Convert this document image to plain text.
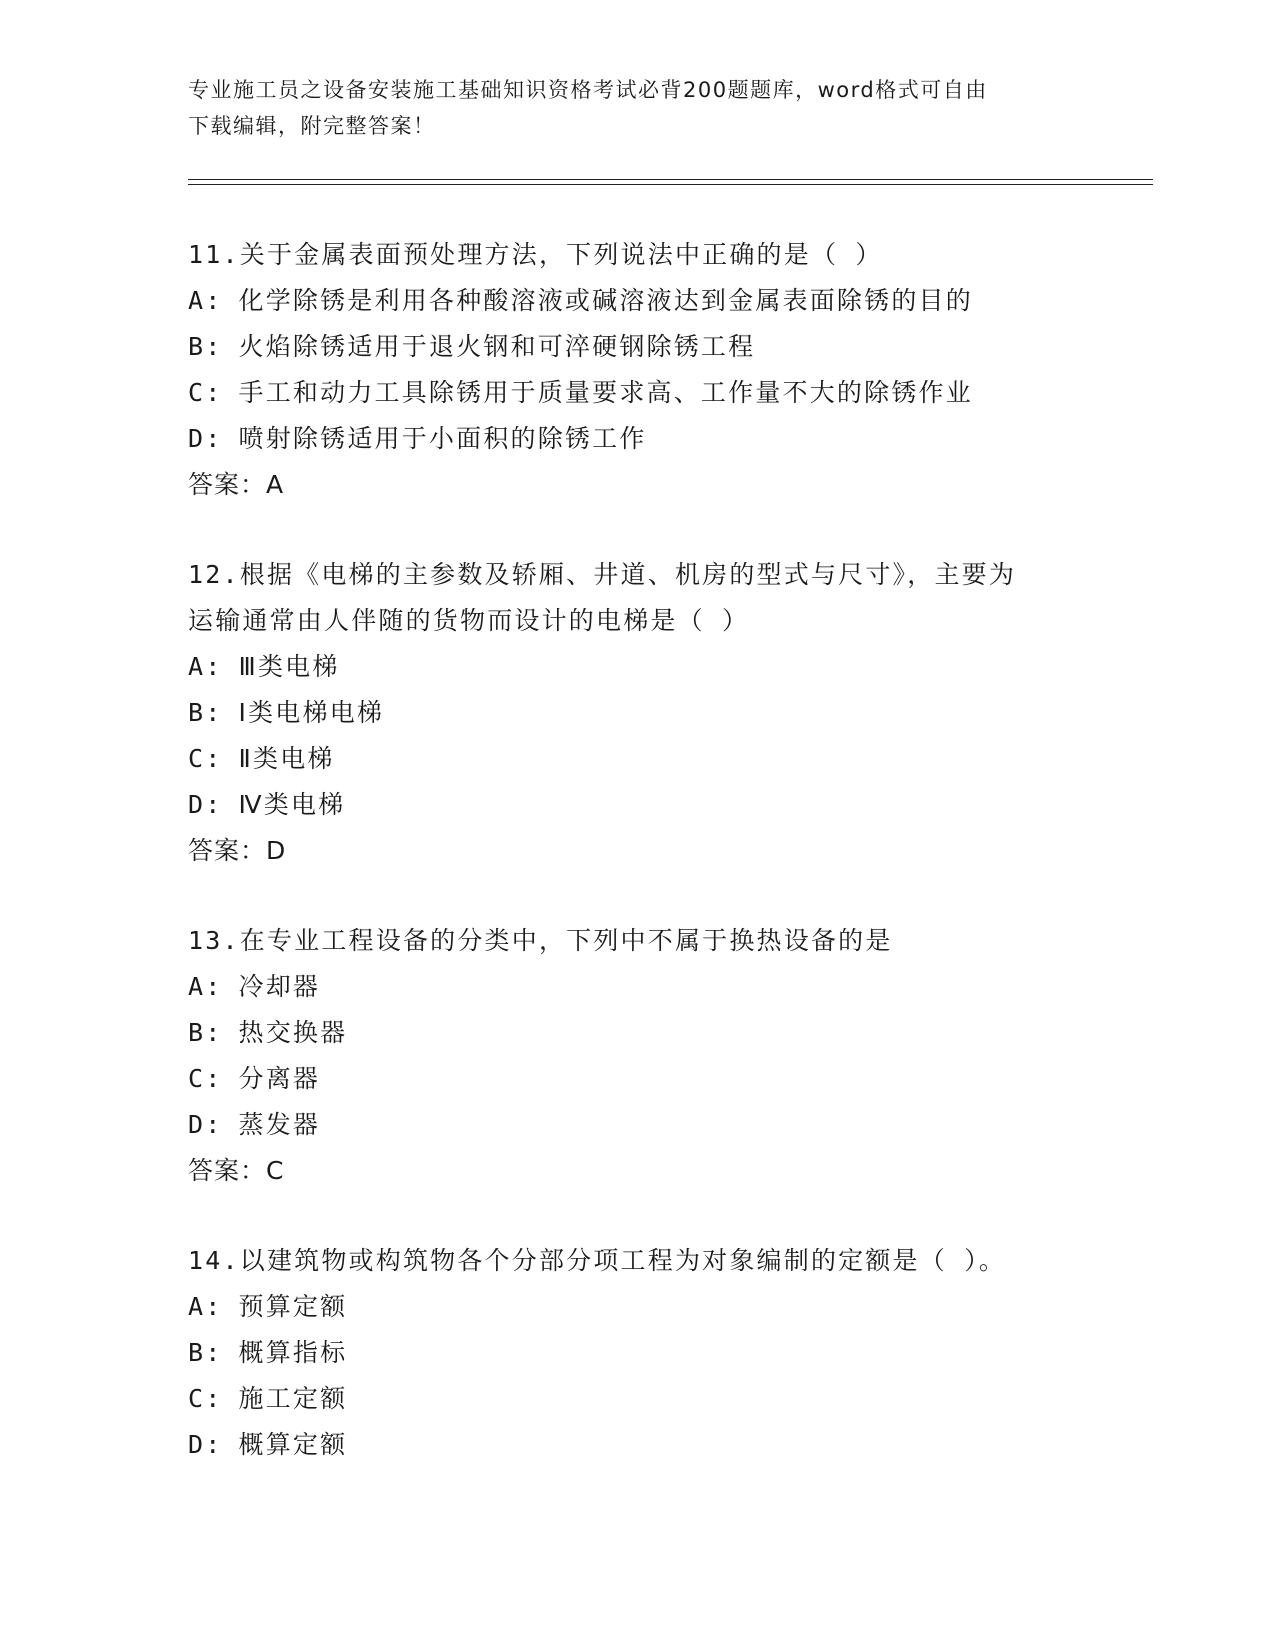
专业施工员之设备安装施工基础知识资格考试必背200题题库，word格式可自由
下载编辑，附完整答案！
11.关于金属表面预处理方法，下列说法中正确的是（ ）
A: 化学除锈是利用各种酸溶液或碱溶液达到金属表面除锈的目的
B: 火焰除锈适用于退火钢和可淬硬钢除锈工程
C: 手工和动力工具除锈用于质量要求高、工作量不大的除锈作业
D: 喷射除锈适用于小面积的除锈工作
答案：A
12.根据《电梯的主参数及轿厢、井道、机房的型式与尺寸》，主要为
运输通常由人伴随的货物而设计的电梯是（ ）
A: Ⅲ类电梯
B: Ⅰ类电梯电梯
C: Ⅱ类电梯
D: Ⅳ类电梯
答案：D
13.在专业工程设备的分类中，下列中不属于换热设备的是
A: 冷却器
B: 热交换器
C: 分离器
D: 蒸发器
答案：C
14.以建筑物或构筑物各个分部分项工程为对象编制的定额是（ ）。
A: 预算定额
B: 概算指标
C: 施工定额
D: 概算定额
